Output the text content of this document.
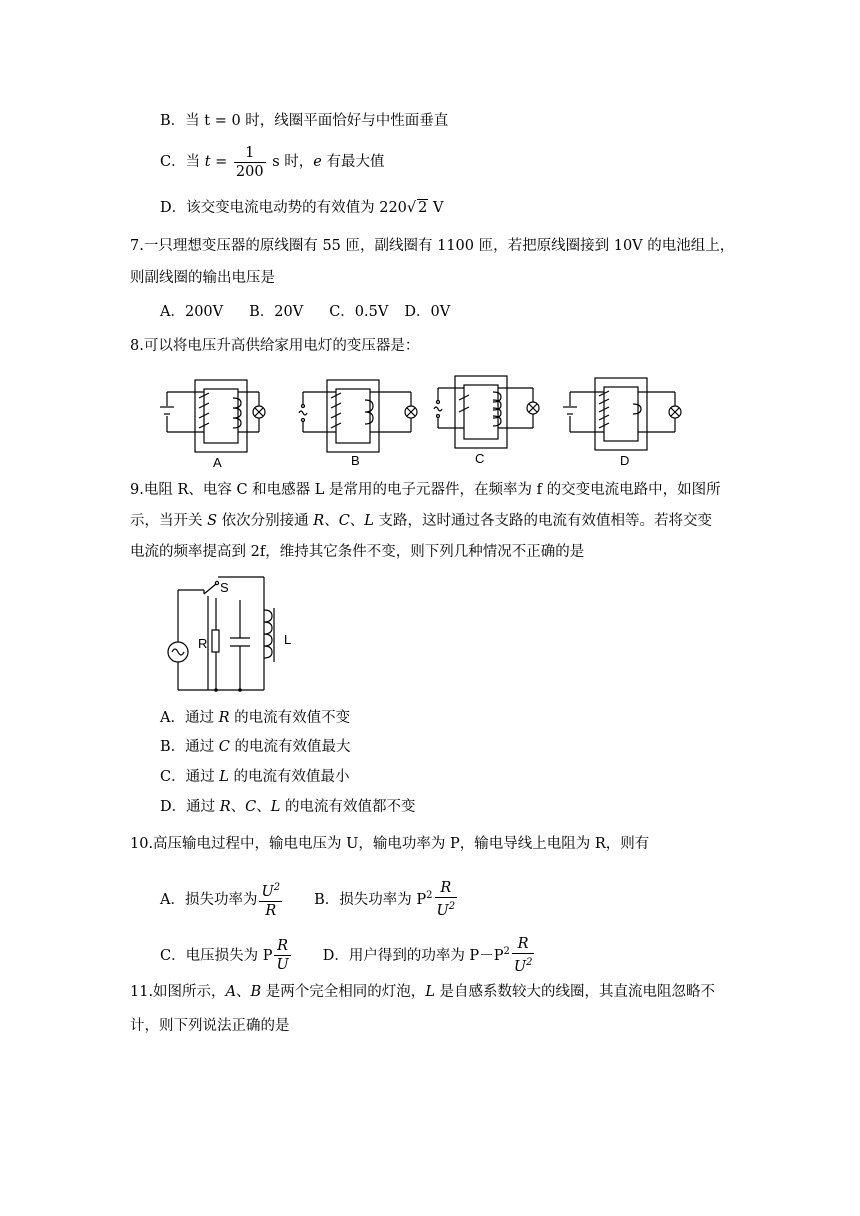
B．当 t = 0 时，线圈平面恰好与中性面垂直
C．当 $t = \frac{1}{200}$ s 时，e 有最大值
D．该交变电流电动势的有效值为 220√ 2 V
7.一只理想变压器的原线圈有 55 匝，副线圈有 1100 匝，若把原线圈接到 10V 的电池组上，
则副线圈的输出电压是
A．200V B．20V C．0.5V D．0V
8.可以将电压升高供给家用电灯的变压器是：
A	B	C	D
9.电阻 R、电容 C 和电感器 L 是常用的电子元器件，在频率为 f 的交变电流电路中，如图所
示，当开关 S 依次分别接通 R、C、L 支路，这时通过各支路的电流有效值相等。若将交变
电流的频率提高到 2f，维持其它条件不变，则下列几种情况不正确的是
S
R	L
A．通过 R 的电流有效值不变
B．通过 C 的电流有效值最大
C．通过 L 的电流有效值最小
D．通过 R、C、L 的电流有效值都不变
10.高压输电过程中，输电电压为 U，输电功率为 P，输电导线上电阻为 R，则有
A．损失功率为 $\frac{U^2}{R}$ B．损失功率为 $P^2 \frac{R}{U^2}$
C．电压损失为 P $\frac{R}{U}$ D．用户得到的功率为 $P-P^2 \frac{R}{U^2}$
11.如图所示，A、B 是两个完全相同的灯泡，L 是自感系数较大的线圈，其直流电阻忽略不
计，则下列说法正确的是
